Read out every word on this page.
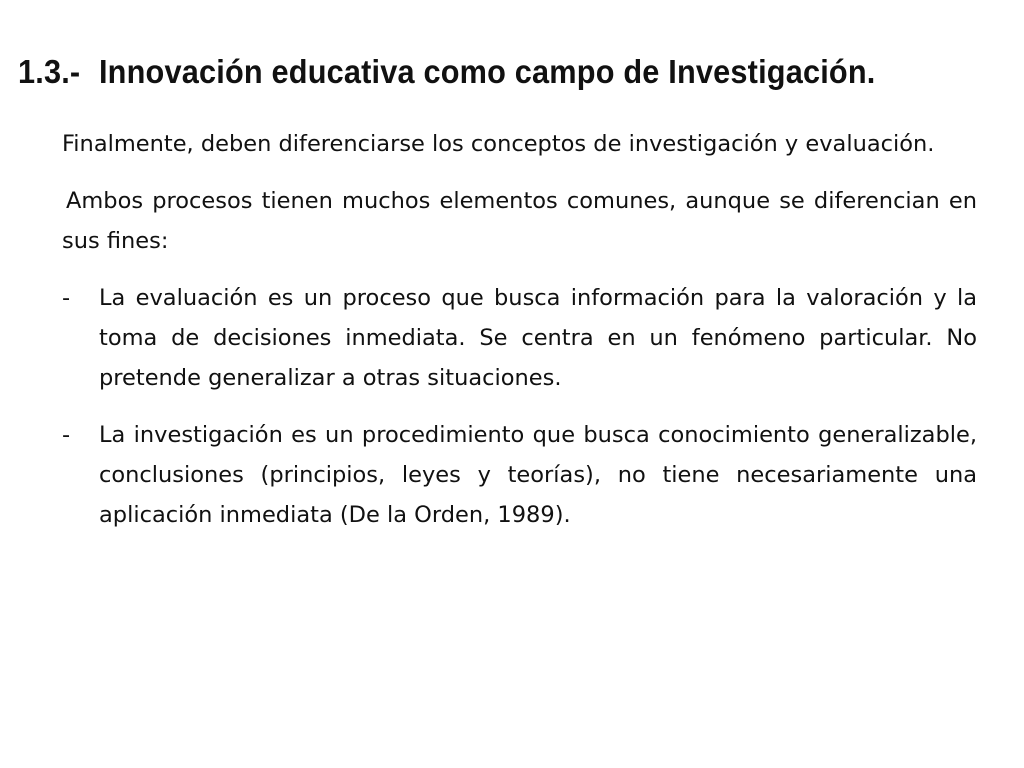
1.3.- Innovación educativa como campo de Investigación.

Finalmente, deben diferenciarse los conceptos de investigación y evaluación.

Ambos procesos tienen muchos elementos comunes, aunque se diferencian en sus fines:

- La evaluación es un proceso que busca información para la valoración y la toma de decisiones inmediata. Se centra en un fenómeno particular. No pretende generalizar a otras situaciones.
- La investigación es un procedimiento que busca conocimiento generalizable, conclusiones (principios, leyes y teorías), no tiene necesariamente una aplicación inmediata (De la Orden, 1989).
